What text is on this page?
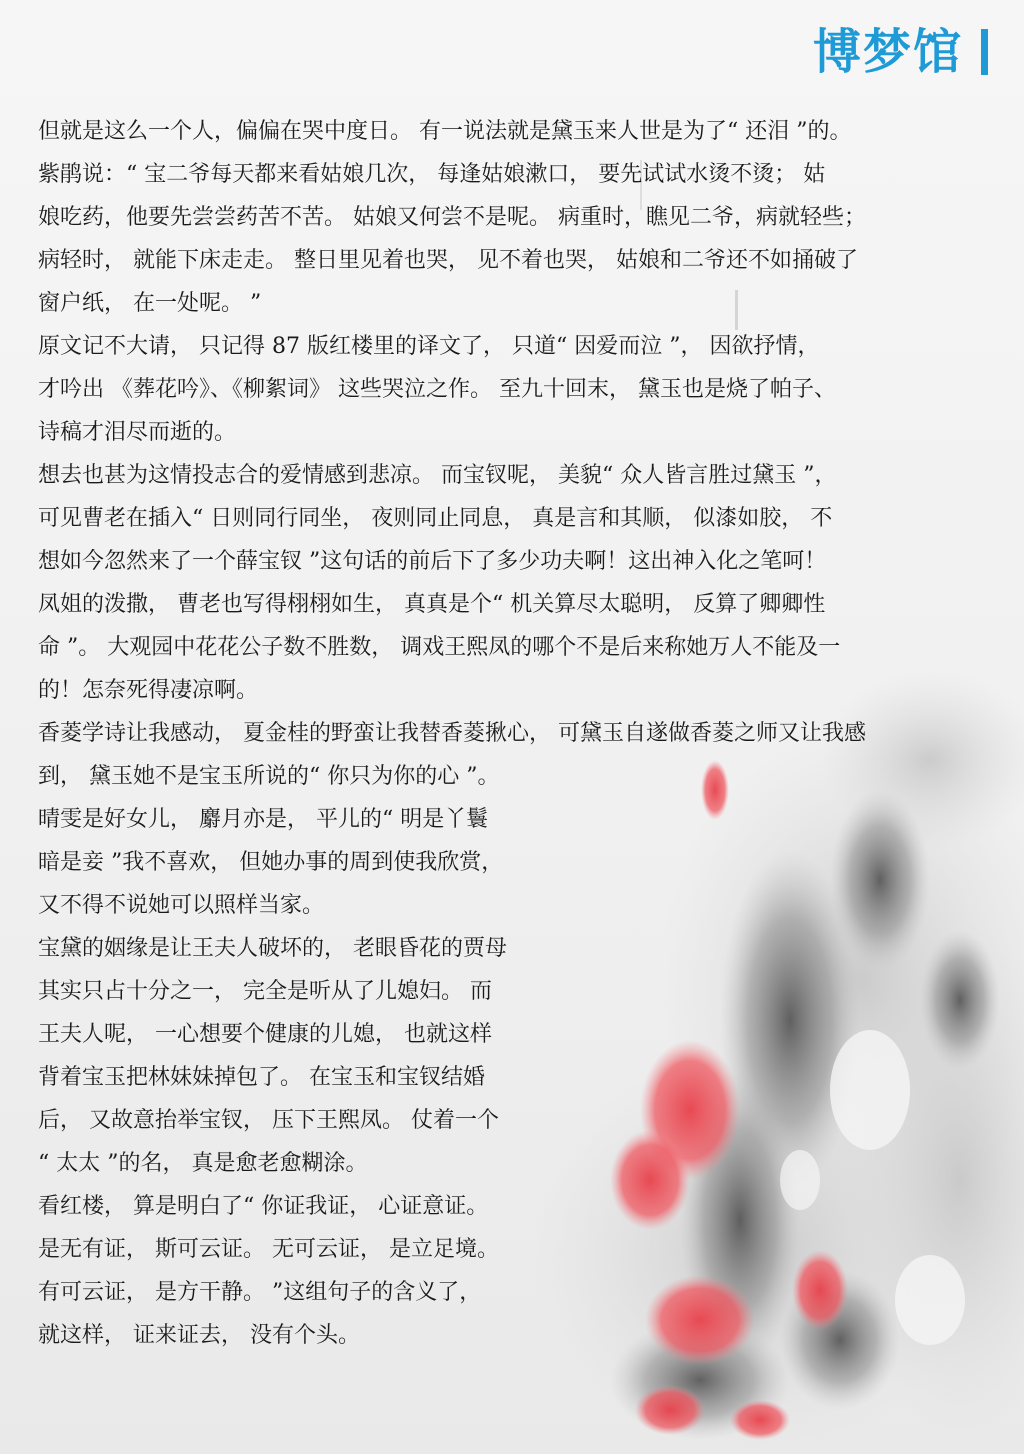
博梦馆
但就是这么一个人，偏偏在哭中度日。 有一说法就是黛玉来人世是为了“ 还泪 ”的。
紫鹃说：“ 宝二爷每天都来看姑娘几次， 每逢姑娘漱口， 要先试试水烫不烫； 姑
娘吃药，他要先尝尝药苦不苦。 姑娘又何尝不是呢。 病重时，瞧见二爷，病就轻些；
病轻时， 就能下床走走。 整日里见着也哭， 见不着也哭， 姑娘和二爷还不如捅破了
窗户纸， 在一处呢。 ”
原文记不大请， 只记得 87 版红楼里的译文了， 只道“ 因爱而泣 ”， 因欲抒情，
才吟出 《葬花吟》、《柳絮词》 这些哭泣之作。 至九十回末， 黛玉也是烧了帕子、
诗稿才泪尽而逝的。
想去也甚为这情投志合的爱情感到悲凉。 而宝钗呢， 美貌“ 众人皆言胜过黛玉 ”，
可见曹老在插入“ 日则同行同坐， 夜则同止同息， 真是言和其顺， 似漆如胶， 不
想如今忽然来了一个薛宝钗 ”这句话的前后下了多少功夫啊！这出神入化之笔呵！
凤姐的泼撒， 曹老也写得栩栩如生， 真真是个“ 机关算尽太聪明， 反算了卿卿性
命 ”。 大观园中花花公子数不胜数， 调戏王熙凤的哪个不是后来称她万人不能及一
的！怎奈死得凄凉啊。
香菱学诗让我感动， 夏金桂的野蛮让我替香菱揪心， 可黛玉自遂做香菱之师又让我感
到， 黛玉她不是宝玉所说的“ 你只为你的心 ”。
晴雯是好女儿， 麝月亦是， 平儿的“ 明是丫鬟
暗是妾 ”我不喜欢， 但她办事的周到使我欣赏，
又不得不说她可以照样当家。
宝黛的姻缘是让王夫人破坏的， 老眼昏花的贾母
其实只占十分之一， 完全是听从了儿媳妇。 而
王夫人呢， 一心想要个健康的儿媳， 也就这样
背着宝玉把林妹妹掉包了。 在宝玉和宝钗结婚
后， 又故意抬举宝钗， 压下王熙凤。 仗着一个
“ 太太 ”的名， 真是愈老愈糊涂。
看红楼， 算是明白了“ 你证我证， 心证意证。
是无有证， 斯可云证。 无可云证， 是立足境。
有可云证， 是方干静。 ”这组句子的含义了，
就这样， 证来证去， 没有个头。
